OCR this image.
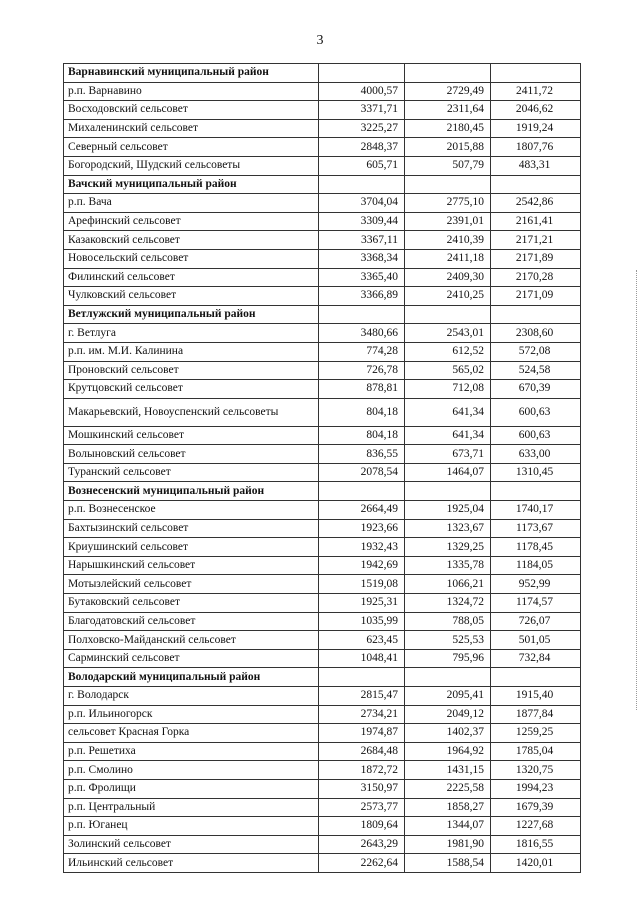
3
Варнавинский муниципальный район			
р.п. Варнавино	4000,57	2729,49	2411,72
Восходовский сельсовет	3371,71	2311,64	2046,62
Михаленинский сельсовет	3225,27	2180,45	1919,24
Северный сельсовет	2848,37	2015,88	1807,76
Богородский, Шудский сельсоветы	605,71	507,79	483,31
Вачский муниципальный район			
р.п. Вача	3704,04	2775,10	2542,86
Арефинский сельсовет	3309,44	2391,01	2161,41
Казаковский сельсовет	3367,11	2410,39	2171,21
Новосельский сельсовет	3368,34	2411,18	2171,89
Филинский сельсовет	3365,40	2409,30	2170,28
Чулковский сельсовет	3366,89	2410,25	2171,09
Ветлужский муниципальный район			
г. Ветлуга	3480,66	2543,01	2308,60
р.п. им. М.И. Калинина	774,28	612,52	572,08
Проновский сельсовет	726,78	565,02	524,58
Крутцовский сельсовет	878,81	712,08	670,39
Макарьевский, Новоуспенский сельсоветы	804,18	641,34	600,63
Мошкинский сельсовет	804,18	641,34	600,63
Волыновский сельсовет	836,55	673,71	633,00
Туранский сельсовет	2078,54	1464,07	1310,45
Вознесенский муниципальный район			
р.п. Вознесенское	2664,49	1925,04	1740,17
Бахтызинский сельсовет	1923,66	1323,67	1173,67
Криушинский сельсовет	1932,43	1329,25	1178,45
Нарышкинский сельсовет	1942,69	1335,78	1184,05
Мотызлейский сельсовет	1519,08	1066,21	952,99
Бутаковский сельсовет	1925,31	1324,72	1174,57
Благодатовский сельсовет	1035,99	788,05	726,07
Полховско-Майданский сельсовет	623,45	525,53	501,05
Сарминский сельсовет	1048,41	795,96	732,84
Володарский муниципальный район			
г. Володарск	2815,47	2095,41	1915,40
р.п. Ильиногорск	2734,21	2049,12	1877,84
сельсовет Красная Горка	1974,87	1402,37	1259,25
р.п. Решетиха	2684,48	1964,92	1785,04
р.п. Смолино	1872,72	1431,15	1320,75
р.п. Фролищи	3150,97	2225,58	1994,23
р.п. Центральный	2573,77	1858,27	1679,39
р.п. Юганец	1809,64	1344,07	1227,68
Золинский сельсовет	2643,29	1981,90	1816,55
Ильинский сельсовет	2262,64	1588,54	1420,01
